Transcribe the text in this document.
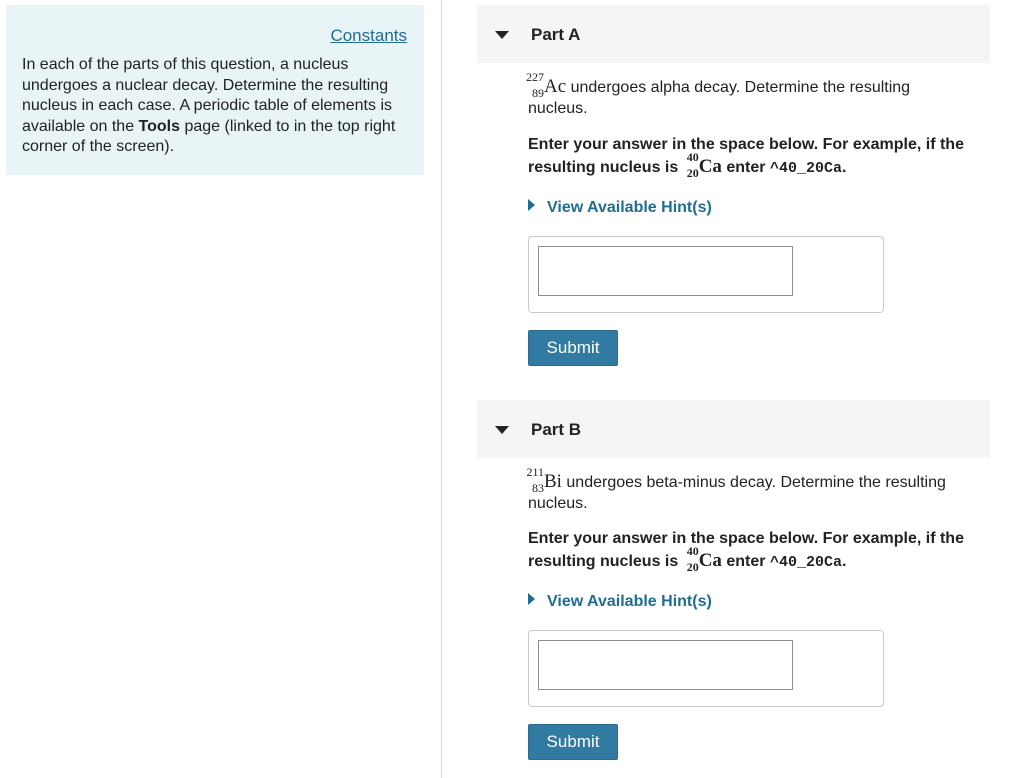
Constants
In each of the parts of this question, a nucleus undergoes a nuclear decay. Determine the resulting nucleus in each case. A periodic table of elements is available on the Tools page (linked to in the top right corner of the screen).
Part A
227
89 Ac undergoes alpha decay. Determine the resulting nucleus.
Enter your answer in the space below. For example, if the resulting nucleus is
40
20 Ca enter ^40_20Ca.
View Available Hint(s)
Submit
Part B
211
83 Bi undergoes beta-minus decay. Determine the resulting nucleus.
Enter your answer in the space below. For example, if the resulting nucleus is
40
20 Ca enter ^40_20Ca.
View Available Hint(s)
Submit
